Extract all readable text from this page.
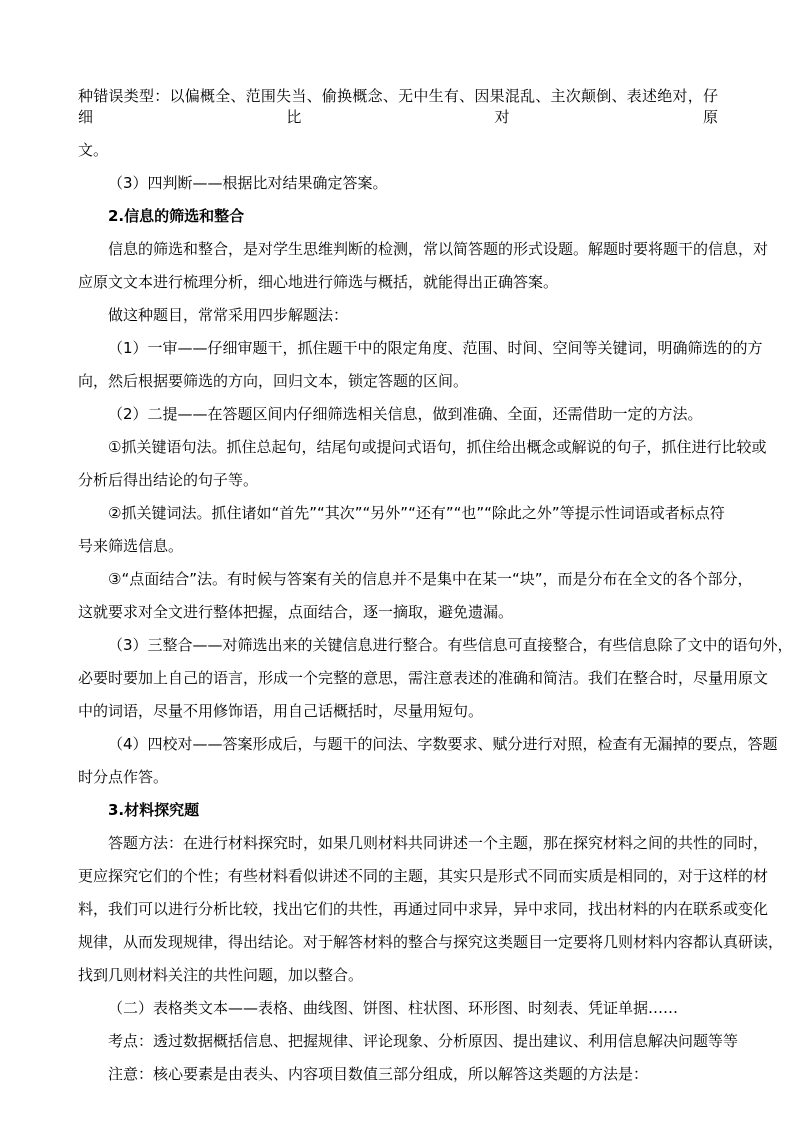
种错误类型：以偏概全、范围失当、偷换概念、无中生有、因果混乱、主次颠倒、表述绝对，仔细比对原

文。

（3）四判断——根据比对结果确定答案。

2.信息的筛选和整合

信息的筛选和整合，是对学生思维判断的检测，常以简答题的形式设题。解题时要将题干的信息，对

应原文文本进行梳理分析，细心地进行筛选与概括，就能得出正确答案。

做这种题目，常常采用四步解题法：

（1）一审——仔细审题干，抓住题干中的限定角度、范围、时间、空间等关键词，明确筛选的的方

向，然后根据要筛选的方向，回归文本，锁定答题的区间。

（2）二提——在答题区间内仔细筛选相关信息，做到准确、全面，还需借助一定的方法。

①抓关键语句法。抓住总起句，结尾句或提问式语句，抓住给出概念或解说的句子，抓住进行比较或

分析后得出结论的句子等。

②抓关键词法。抓住诸如“首先”“其次”“另外”“还有”“也”“除此之外”等提示性词语或者标点符

号来筛选信息。

③“点面结合”法。有时候与答案有关的信息并不是集中在某一“块”，而是分布在全文的各个部分，

这就要求对全文进行整体把握，点面结合，逐一摘取，避免遗漏。

（3）三整合——对筛选出来的关键信息进行整合。有些信息可直接整合，有些信息除了文中的语句外，

必要时要加上自己的语言，形成一个完整的意思，需注意表述的准确和简洁。我们在整合时，尽量用原文

中的词语，尽量不用修饰语，用自己话概括时，尽量用短句。

（4）四校对——答案形成后，与题干的问法、字数要求、赋分进行对照，检查有无漏掉的要点，答题

时分点作答。

3.材料探究题

答题方法：在进行材料探究时，如果几则材料共同讲述一个主题，那在探究材料之间的共性的同时，

更应探究它们的个性；有些材料看似讲述不同的主题，其实只是形式不同而实质是相同的，对于这样的材

料，我们可以进行分析比较，找出它们的共性，再通过同中求异，异中求同，找出材料的内在联系或变化

规律，从而发现规律，得出结论。对于解答材料的整合与探究这类题目一定要将几则材料内容都认真研读，

找到几则材料关注的共性问题，加以整合。

（二）表格类文本——表格、曲线图、饼图、柱状图、环形图、时刻表、凭证单据……

考点：透过数据概括信息、把握规律、评论现象、分析原因、提出建议、利用信息解决问题等等

注意：核心要素是由表头、内容项目数值三部分组成，所以解答这类题的方法是：
